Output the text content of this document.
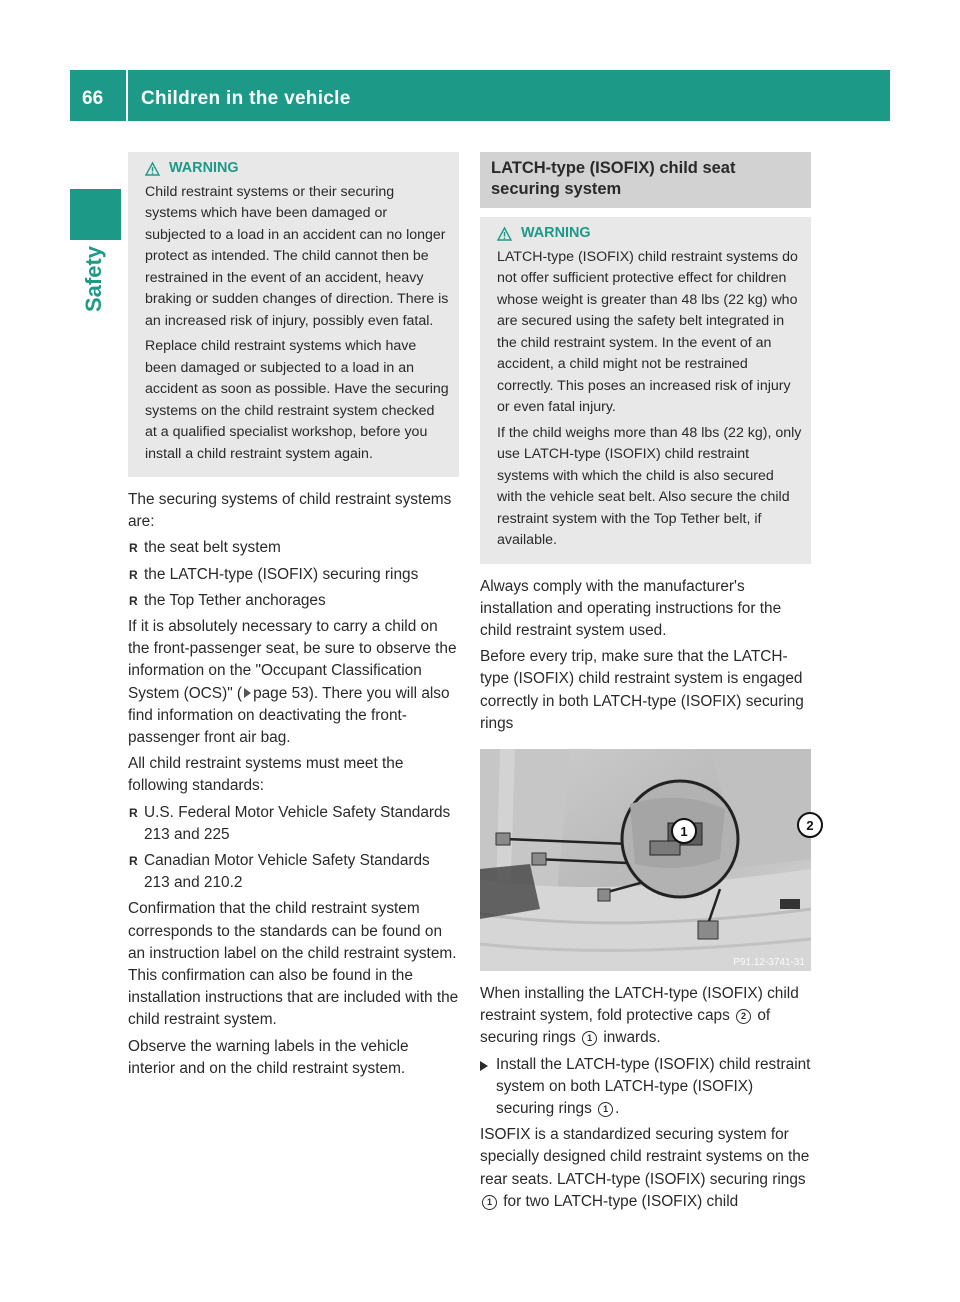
66 Children in the vehicle
Safety
WARNING

Child restraint systems or their securing systems which have been damaged or subjected to a load in an accident can no longer protect as intended. The child cannot then be restrained in the event of an accident, heavy braking or sudden changes of direction. There is an increased risk of injury, possibly even fatal.

Replace child restraint systems which have been damaged or subjected to a load in an accident as soon as possible. Have the securing systems on the child restraint system checked at a qualified specialist workshop, before you install a child restraint system again.

The securing systems of child restraint systems are:

R the seat belt system
R the LATCH-type (ISOFIX) securing rings
R the Top Tether anchorages

If it is absolutely necessary to carry a child on the front-passenger seat, be sure to observe the information on the "Occupant Classification System (OCS)" ( page 53). There you will also find information on deactivating the front-passenger front air bag.

All child restraint systems must meet the following standards:

R U.S. Federal Motor Vehicle Safety Standards 213 and 225
R Canadian Motor Vehicle Safety Standards 213 and 210.2

Confirmation that the child restraint system corresponds to the standards can be found on an instruction label on the child restraint system. This confirmation can also be found in the installation instructions that are included with the child restraint system.

Observe the warning labels in the vehicle interior and on the child restraint system.

LATCH-type (ISOFIX) child seat securing system
WARNING

LATCH-type (ISOFIX) child restraint systems do not offer sufficient protective effect for children whose weight is greater than 48 lbs (22 kg) who are secured using the safety belt integrated in the child restraint system. In the event of an accident, a child might not be restrained correctly. This poses an increased risk of injury or even fatal injury.

If the child weighs more than 48 lbs (22 kg), only use LATCH-type (ISOFIX) child restraint systems with which the child is also secured with the vehicle seat belt. Also secure the child restraint system with the Top Tether belt, if available.

Always comply with the manufacturer's installation and operating instructions for the child restraint system used.

Before every trip, make sure that the LATCH-type (ISOFIX) child restraint system is engaged correctly in both LATCH-type (ISOFIX) securing rings

1	2
P91.12-3741-31

When installing the LATCH-type (ISOFIX) child restraint system, fold protective caps 2 of securing rings 1 inwards.

Install the LATCH-type (ISOFIX) child restraint system on both LATCH-type (ISOFIX) securing rings 1 .

ISOFIX is a standardized securing system for specially designed child restraint systems on the rear seats. LATCH-type (ISOFIX) securing rings 1 for two LATCH-type (ISOFIX) child
